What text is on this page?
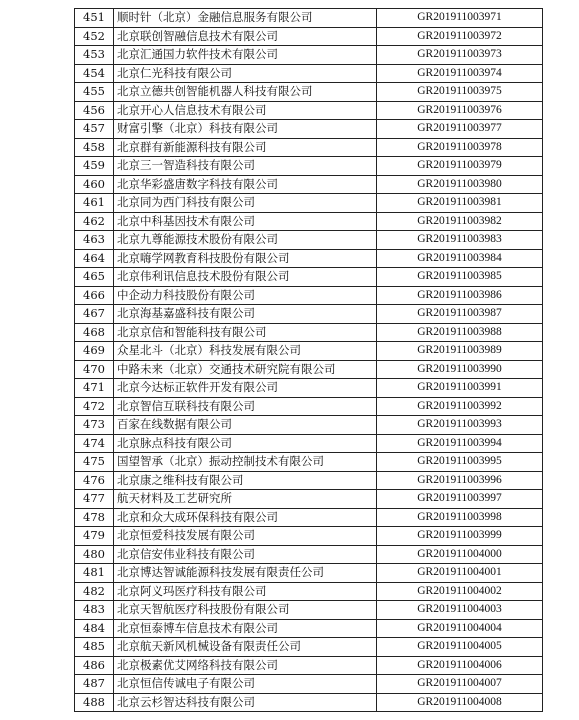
451	顺时针（北京）金融信息服务有限公司	GR201911003971
452	北京联创智融信息技术有限公司	GR201911003972
453	北京汇通国力软件技术有限公司	GR201911003973
454	北京仁光科技有限公司	GR201911003974
455	北京立德共创智能机器人科技有限公司	GR201911003975
456	北京开心人信息技术有限公司	GR201911003976
457	财富引擎（北京）科技有限公司	GR201911003977
458	北京群有新能源科技有限公司	GR201911003978
459	北京三一智造科技有限公司	GR201911003979
460	北京华彩盛唐数字科技有限公司	GR201911003980
461	北京同为西门科技有限公司	GR201911003981
462	北京中科基因技术有限公司	GR201911003982
463	北京九尊能源技术股份有限公司	GR201911003983
464	北京嗨学网教育科技股份有限公司	GR201911003984
465	北京伟利讯信息技术股份有限公司	GR201911003985
466	中企动力科技股份有限公司	GR201911003986
467	北京海基嘉盛科技有限公司	GR201911003987
468	北京京信和智能科技有限公司	GR201911003988
469	众星北斗（北京）科技发展有限公司	GR201911003989
470	中路未来（北京）交通技术研究院有限公司	GR201911003990
471	北京今达标正软件开发有限公司	GR201911003991
472	北京智信互联科技有限公司	GR201911003992
473	百家在线数据有限公司	GR201911003993
474	北京脉点科技有限公司	GR201911003994
475	国望智承（北京）振动控制技术有限公司	GR201911003995
476	北京康之维科技有限公司	GR201911003996
477	航天材料及工艺研究所	GR201911003997
478	北京和众大成环保科技有限公司	GR201911003998
479	北京恒爱科技发展有限公司	GR201911003999
480	北京信安伟业科技有限公司	GR201911004000
481	北京博达智诚能源科技发展有限责任公司	GR201911004001
482	北京阿义玛医疗科技有限公司	GR201911004002
483	北京天智航医疗科技股份有限公司	GR201911004003
484	北京恒泰博车信息技术有限公司	GR201911004004
485	北京航天新风机械设备有限责任公司	GR201911004005
486	北京极素优艾网络科技有限公司	GR201911004006
487	北京恒信传诚电子有限公司	GR201911004007
488	北京云杉智达科技有限公司	GR201911004008
